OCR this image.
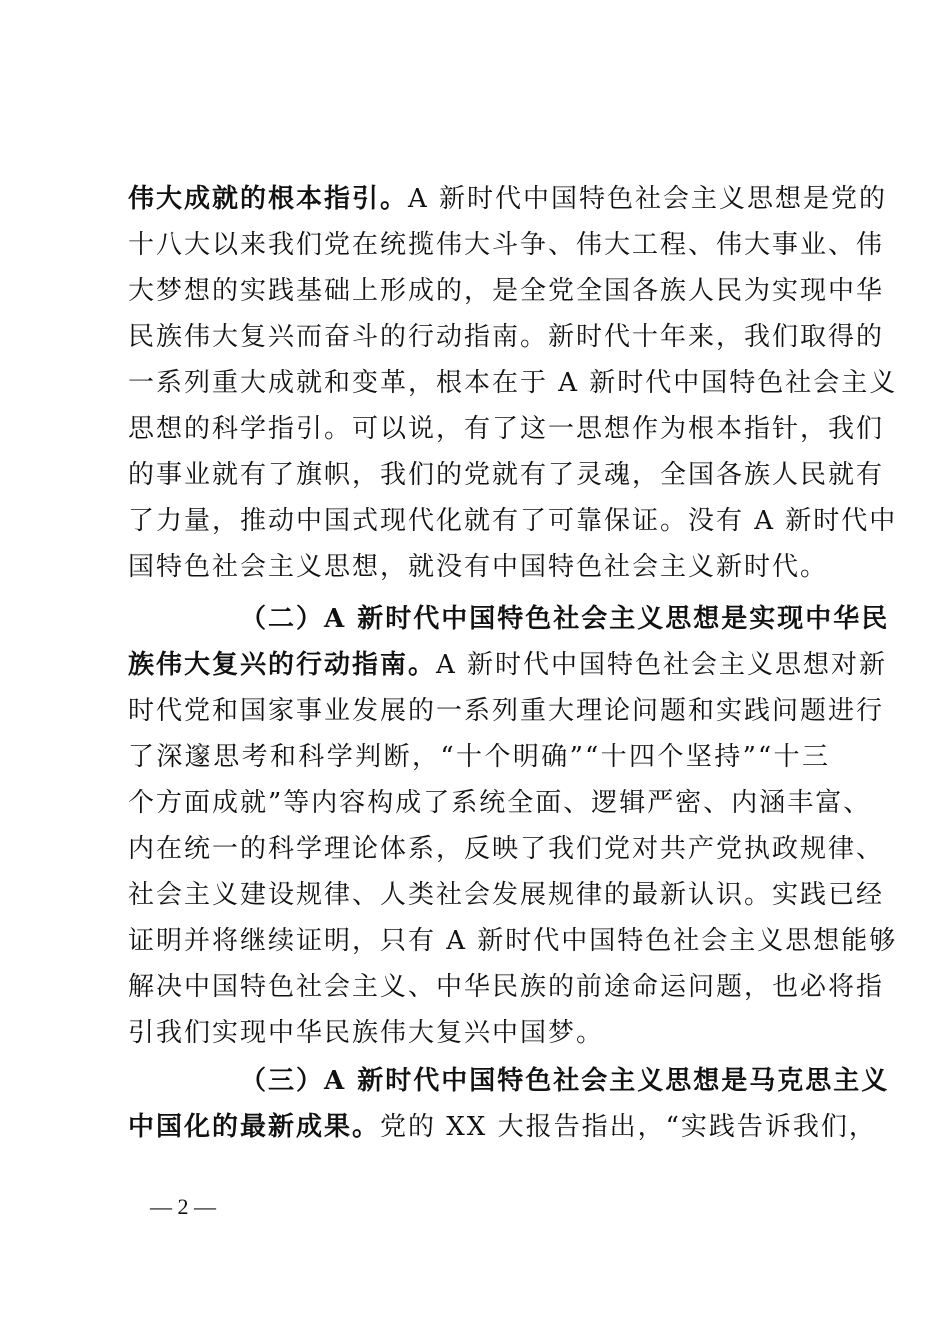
伟大成就的根本指引。A 新时代中国特色社会主义思想是党的
十八大以来我们党在统揽伟大斗争、伟大工程、伟大事业、伟
大梦想的实践基础上形成的，是全党全国各族人民为实现中华
民族伟大复兴而奋斗的行动指南。新时代十年来，我们取得的
一系列重大成就和变革，根本在于 A 新时代中国特色社会主义
思想的科学指引。可以说，有了这一思想作为根本指针，我们
的事业就有了旗帜，我们的党就有了灵魂，全国各族人民就有
了力量，推动中国式现代化就有了可靠保证。没有 A 新时代中
国特色社会主义思想，就没有中国特色社会主义新时代。
（二）A 新时代中国特色社会主义思想是实现中华民
族伟大复兴的行动指南。A 新时代中国特色社会主义思想对新
时代党和国家事业发展的一系列重大理论问题和实践问题进行
了深邃思考和科学判断，“十个明确”“十四个坚持”“十三
个方面成就”等内容构成了系统全面、逻辑严密、内涵丰富、
内在统一的科学理论体系，反映了我们党对共产党执政规律、
社会主义建设规律、人类社会发展规律的最新认识。实践已经
证明并将继续证明，只有 A 新时代中国特色社会主义思想能够
解决中国特色社会主义、中华民族的前途命运问题，也必将指
引我们实现中华民族伟大复兴中国梦。
（三）A 新时代中国特色社会主义思想是马克思主义
中国化的最新成果。党的 XX 大报告指出，“实践告诉我们，
— 2 —
